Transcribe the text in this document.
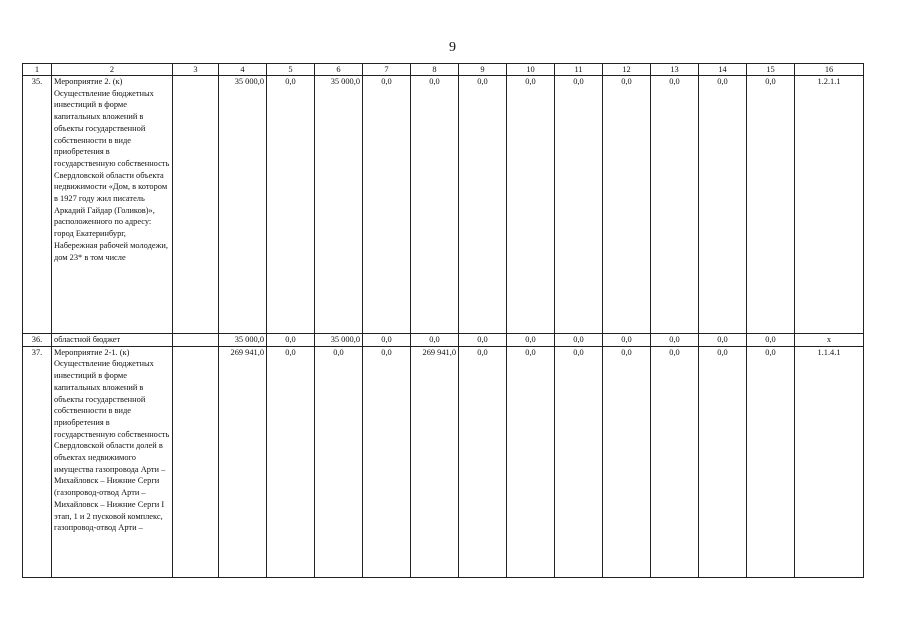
9
1	2	3	4	5	6	7	8	9	10	11	12	13	14	15	16
35.	Мероприятие 2. (к) Осуществление бюджетных инвестиций в форме капитальных вложений в объекты государственной собственности в виде приобретения в государственную собственность Свердловской области объекта недвижимости «Дом, в котором в 1927 году жил писатель Аркадий Гайдар (Голиков)», расположенного по адресу: город Екатеринбург, Набережная рабочей молодежи, дом 23* в том числе		35 000,0	0,0	35 000,0	0,0	0,0	0,0	0,0	0,0	0,0	0,0	0,0	0,0	1.2.1.1
36.	областной бюджет		35 000,0	0,0	35 000,0	0,0	0,0	0,0	0,0	0,0	0,0	0,0	0,0	0,0	x
37.	Мероприятие 2-1. (к) Осуществление бюджетных инвестиций в форме капитальных вложений в объекты государственной собственности в виде приобретения в государственную собственность Свердловской области долей в объектах недвижимого имущества газопровода Арти – Михайловск – Нижние Серги (газопровод-отвод Арти – Михайловск – Нижние Серги I этап, 1 и 2 пусковой комплекс, газопровод-отвод Арти –		269 941,0	0,0	0,0	0,0	269 941,0	0,0	0,0	0,0	0,0	0,0	0,0	0,0	1.1.4.1
